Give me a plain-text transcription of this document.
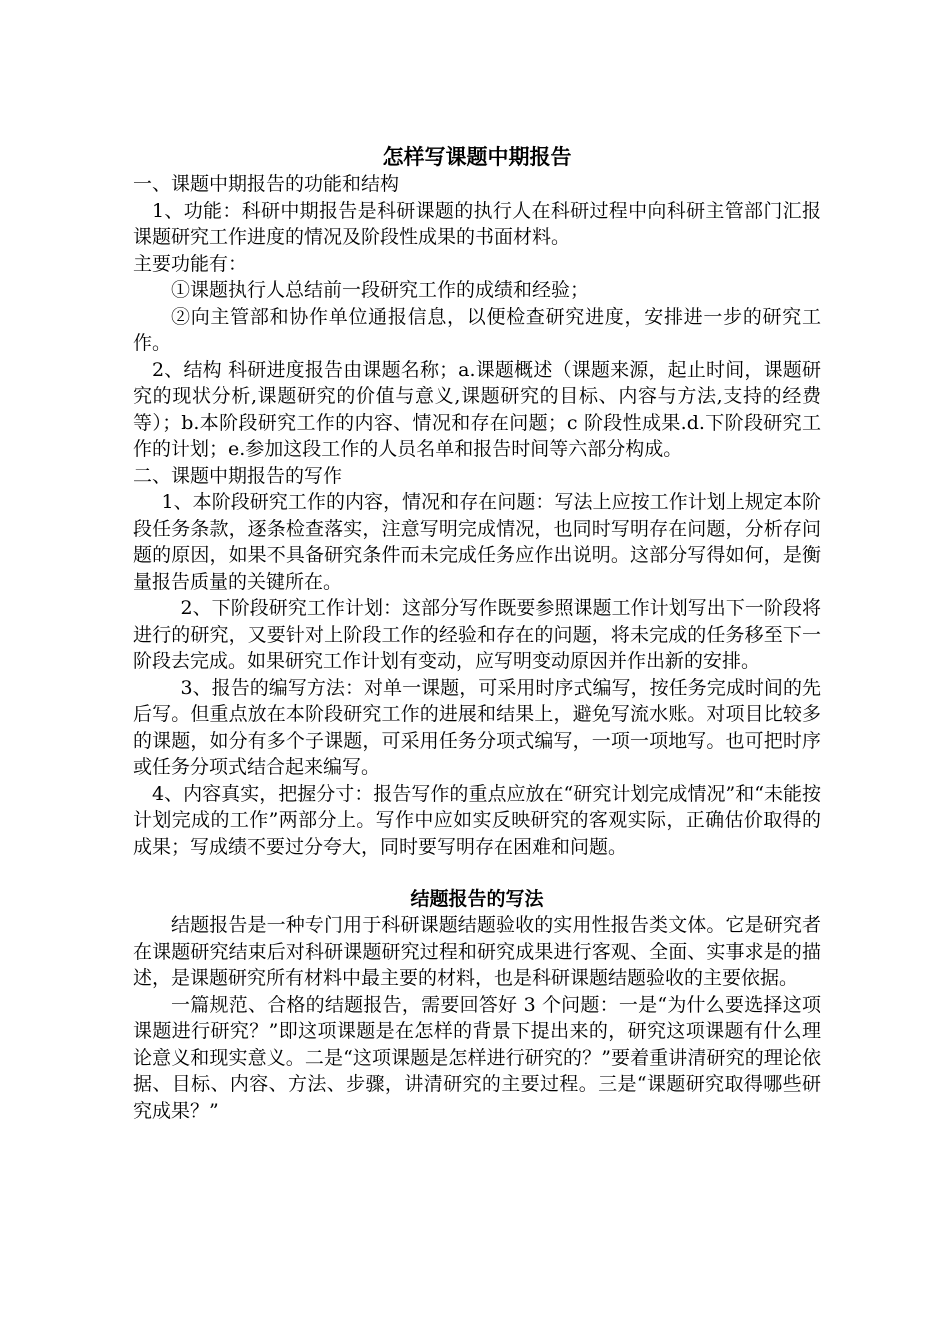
怎样写课题中期报告

一、课题中期报告的功能和结构

1、功能：科研中期报告是科研课题的执行人在科研过程中向科研主管部门汇报课题研究工作进度的情况及阶段性成果的书面材料。

主要功能有：

①课题执行人总结前一段研究工作的成绩和经验；

②向主管部和协作单位通报信息，以便检查研究进度，安排进一步的研究工作。

2、结构 科研进度报告由课题名称；a.课题概述（课题来源，起止时间，课题研究的现状分析,课题研究的价值与意义,课题研究的目标、内容与方法,支持的经费等）；b.本阶段研究工作的内容、情况和存在问题；c 阶段性成果.d.下阶段研究工作的计划；e.参加这段工作的人员名单和报告时间等六部分构成。

二、课题中期报告的写作

1、本阶段研究工作的内容，情况和存在问题：写法上应按工作计划上规定本阶段任务条款，逐条检查落实，注意写明完成情况，也同时写明存在问题，分析存问题的原因，如果不具备研究条件而未完成任务应作出说明。这部分写得如何，是衡量报告质量的关键所在。

2、下阶段研究工作计划：这部分写作既要参照课题工作计划写出下一阶段将进行的研究，又要针对上阶段工作的经验和存在的问题，将未完成的任务移至下一阶段去完成。如果研究工作计划有变动，应写明变动原因并作出新的安排。

3、报告的编写方法：对单一课题，可采用时序式编写，按任务完成时间的先后写。但重点放在本阶段研究工作的进展和结果上，避免写流水账。对项目比较多的课题，如分有多个子课题，可采用任务分项式编写，一项一项地写。也可把时序或任务分项式结合起来编写。

4、内容真实，把握分寸：报告写作的重点应放在“研究计划完成情况”和“未能按计划完成的工作”两部分上。写作中应如实反映研究的客观实际，正确估价取得的成果；写成绩不要过分夸大，同时要写明存在困难和问题。

结题报告的写法

结题报告是一种专门用于科研课题结题验收的实用性报告类文体。它是研究者在课题研究结束后对科研课题研究过程和研究成果进行客观、全面、实事求是的描述，是课题研究所有材料中最主要的材料，也是科研课题结题验收的主要依据。

一篇规范、合格的结题报告，需要回答好 3 个问题：一是“为什么要选择这项课题进行研究？”即这项课题是在怎样的背景下提出来的，研究这项课题有什么理论意义和现实意义。二是“这项课题是怎样进行研究的？”要着重讲清研究的理论依据、目标、内容、方法、步骤，讲清研究的主要过程。三是“课题研究取得哪些研究成果？”
